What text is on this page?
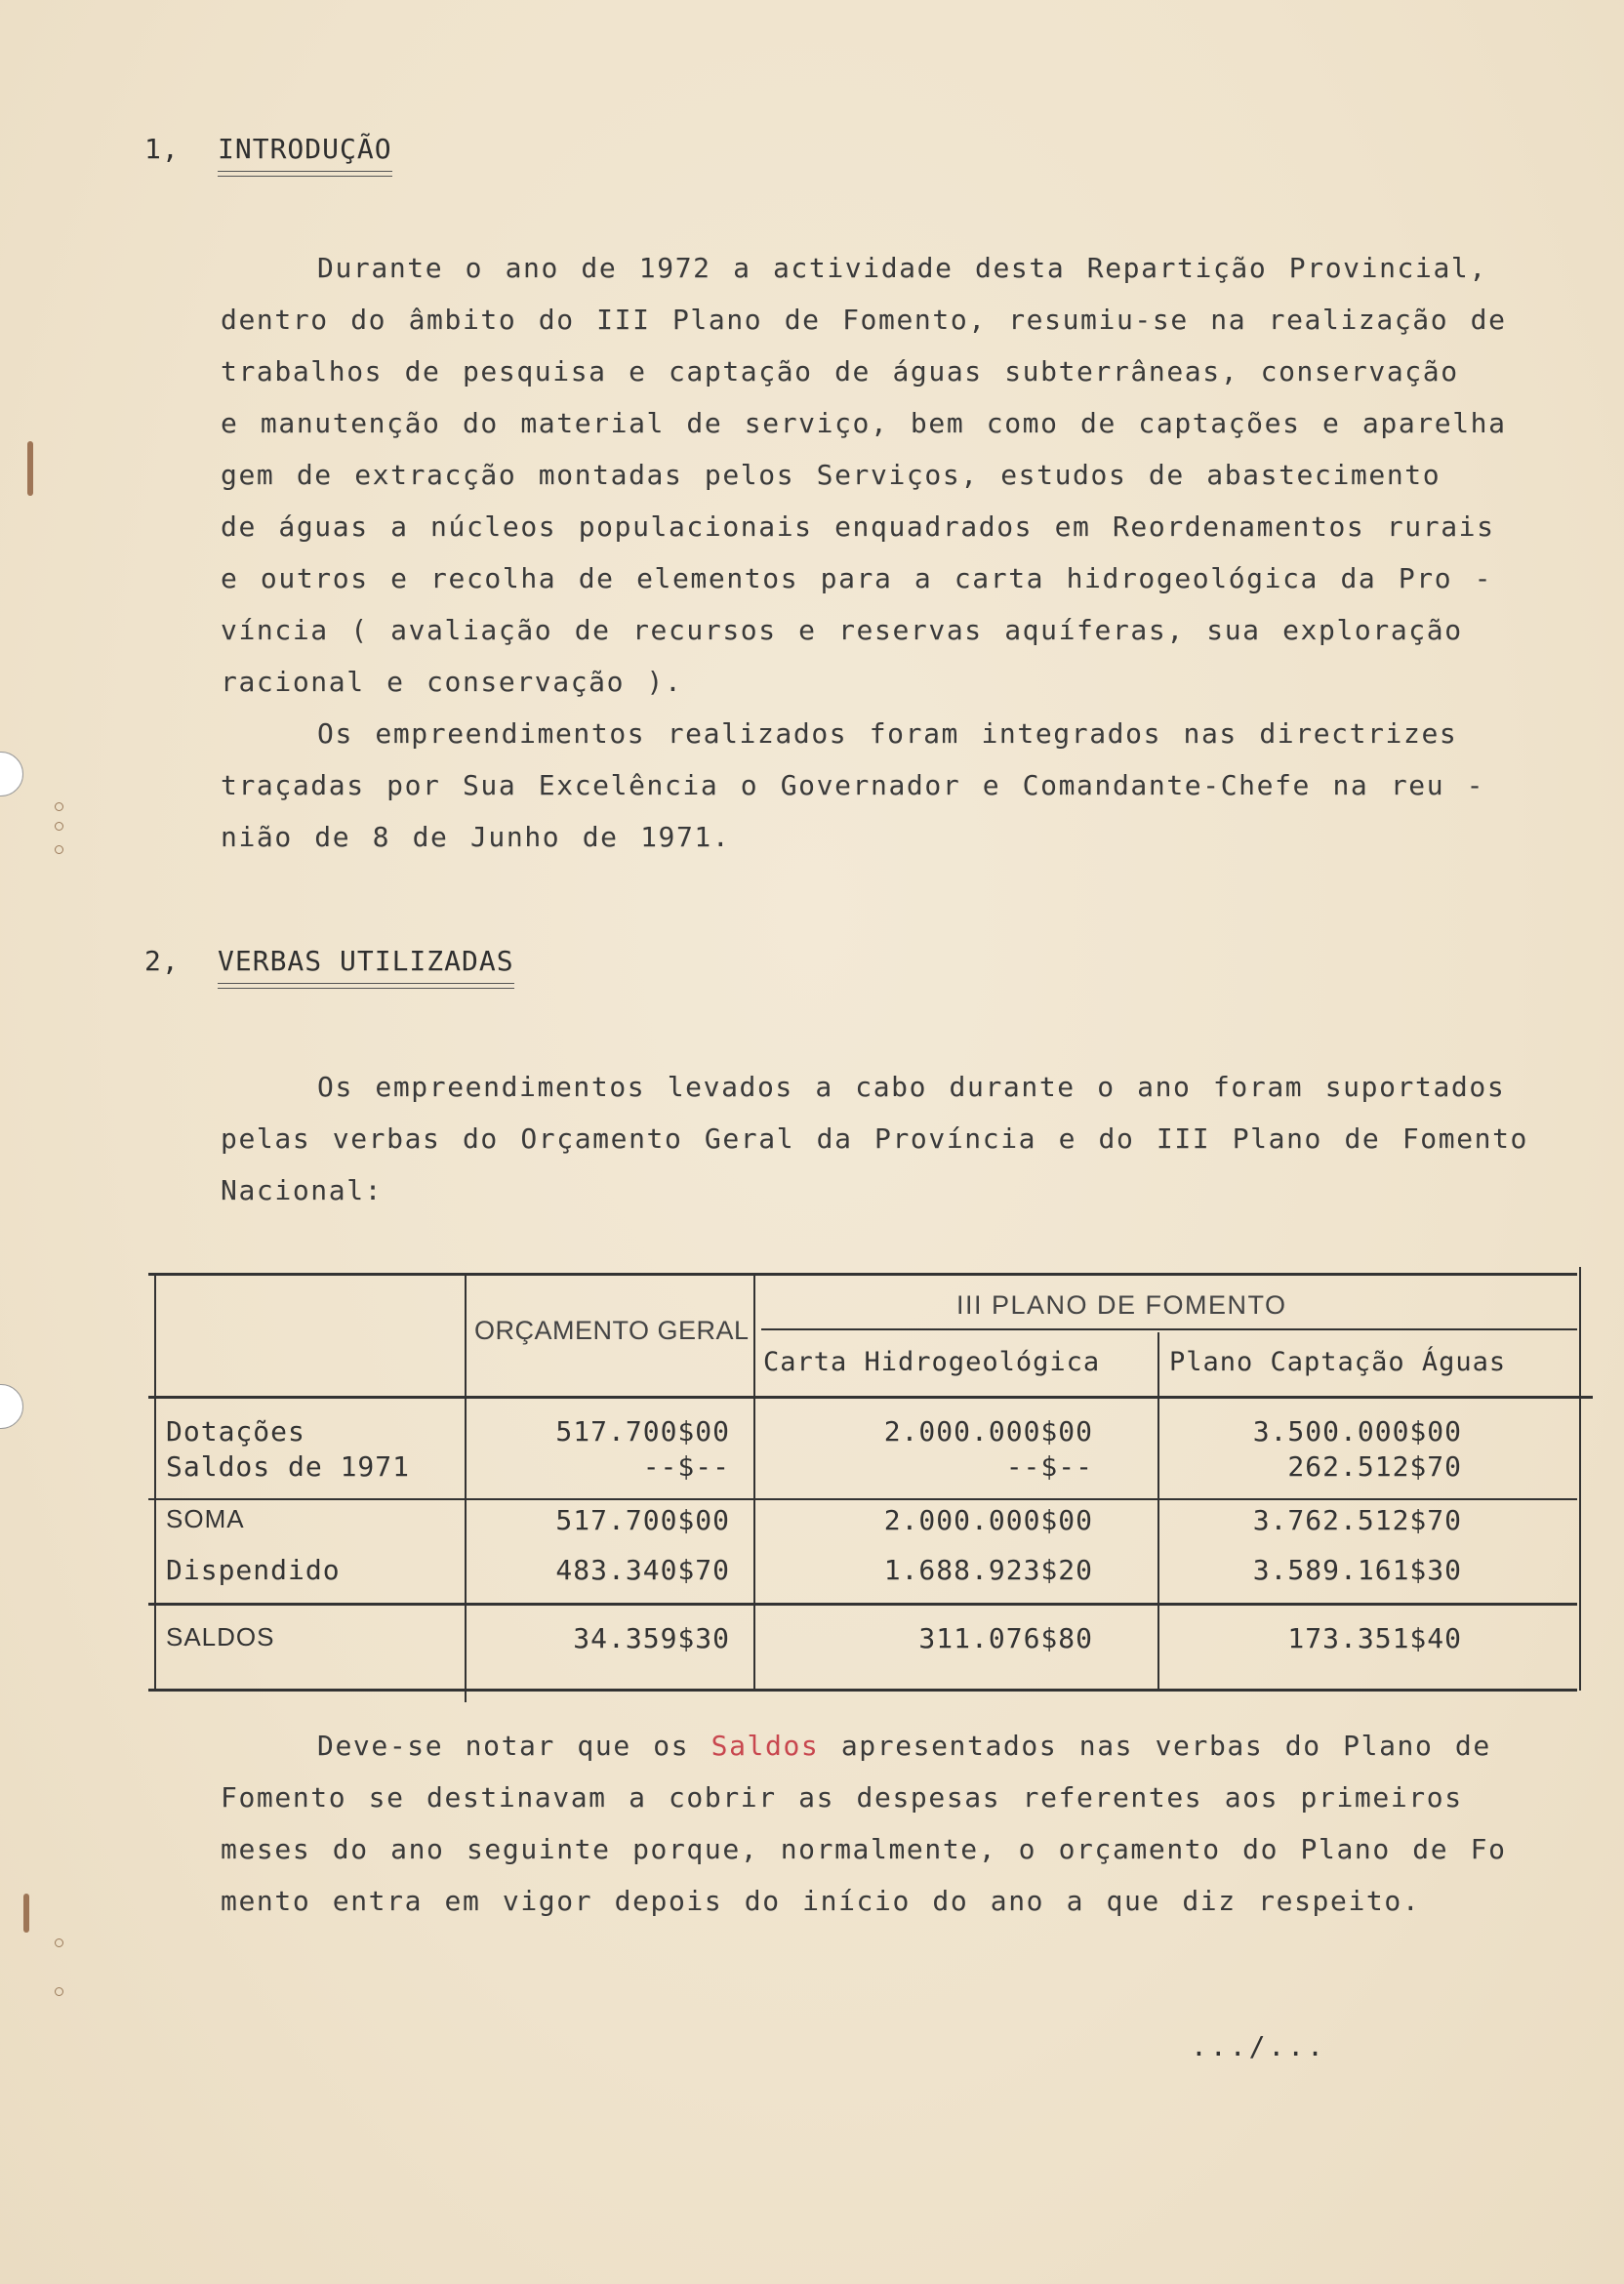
1, INTRODUÇÃO
Durante o ano de 1972 a actividade desta Repartição Provincial,
dentro do âmbito do III Plano de Fomento, resumiu-se na realização de
trabalhos de pesquisa e captação de águas subterrâneas, conservação
e manutenção do material de serviço, bem como de captações e aparelha
gem de extracção montadas pelos Serviços, estudos de abastecimento
de águas a núcleos populacionais enquadrados em Reordenamentos rurais
e outros e recolha de elementos para a carta hidrogeológica da Pro -
víncia ( avaliação de recursos e reservas aquíferas, sua exploração
racional e conservação ).
Os empreendimentos realizados foram integrados nas directrizes
traçadas por Sua Excelência o Governador e Comandante-Chefe na reu -
nião de 8 de Junho de 1971.
2, VERBAS UTILIZADAS
Os empreendimentos levados a cabo durante o ano foram suportados
pelas verbas do Orçamento Geral da Província e do III Plano de Fomento
Nacional:
ORÇAMENTO GERAL
III PLANO DE FOMENTO
Carta Hidrogeológica	Plano Captação Águas
Dotações
Saldos de 1971
SOMA
Dispendido
SALDOS
517.700$00
--$--
517.700$00
483.340$70
34.359$30
2.000.000$00
--$--
2.000.000$00
1.688.923$20
311.076$80
3.500.000$00
262.512$70
3.762.512$70
3.589.161$30
173.351$40
Deve-se notar que os Saldos apresentados nas verbas do Plano de
Fomento se destinavam a cobrir as despesas referentes aos primeiros
meses do ano seguinte porque, normalmente, o orçamento do Plano de Fo
mento entra em vigor depois do início do ano a que diz respeito.
.../...
